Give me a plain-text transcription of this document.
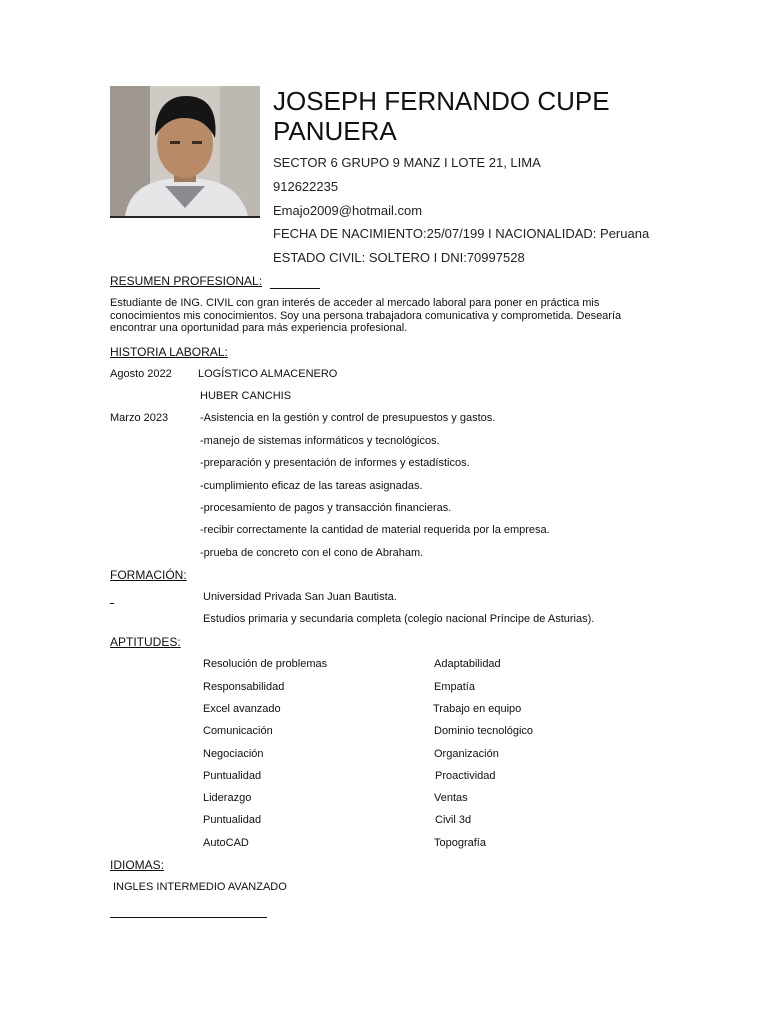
JOSEPH FERNANDO CUPE PANUERA
SECTOR 6 GRUPO 9 MANZ I LOTE 21, LIMA
912622235
Emajo2009@hotmail.com
FECHA DE NACIMIENTO:25/07/199 I NACIONALIDAD: Peruana
ESTADO CIVIL: SOLTERO I DNI:70997528
RESUMEN PROFESIONAL:
Estudiante de ING. CIVIL con gran interés de acceder al mercado laboral para poner en práctica mis conocimientos mis conocimientos. Soy una persona trabajadora comunicativa y comprometida. Desearía encontrar una oportunidad para más experiencia profesional.
HISTORIA LABORAL:
Agosto 2022 LOGÍSTICO ALMACENERO
HUBER CANCHIS
Marzo 2023	-Asistencia en la gestión y control de presupuestos y gastos.
-manejo de sistemas informáticos y tecnológicos.
-preparación y presentación de informes y estadísticos.
-cumplimiento eficaz de las tareas asignadas.
-procesamiento de pagos y transacción financieras.
-recibir correctamente la cantidad de material requerida por la empresa.
-prueba de concreto con el cono de Abraham.
FORMACIÓN:
Universidad Privada San Juan Bautista.
Estudios primaria y secundaria completa (colegio nacional Príncipe de Asturias).
APTITUDES:
Resolución de problemas
Responsabilidad
Excel avanzado
Comunicación
Negociación
Puntualidad
Liderazgo
Puntualidad
AutoCAD
Adaptabilidad
Empatía
Trabajo en equipo
Dominio tecnológico
Organización
Proactividad
Ventas
Civil 3d
Topografía
IDIOMAS:
INGLES INTERMEDIO AVANZADO
